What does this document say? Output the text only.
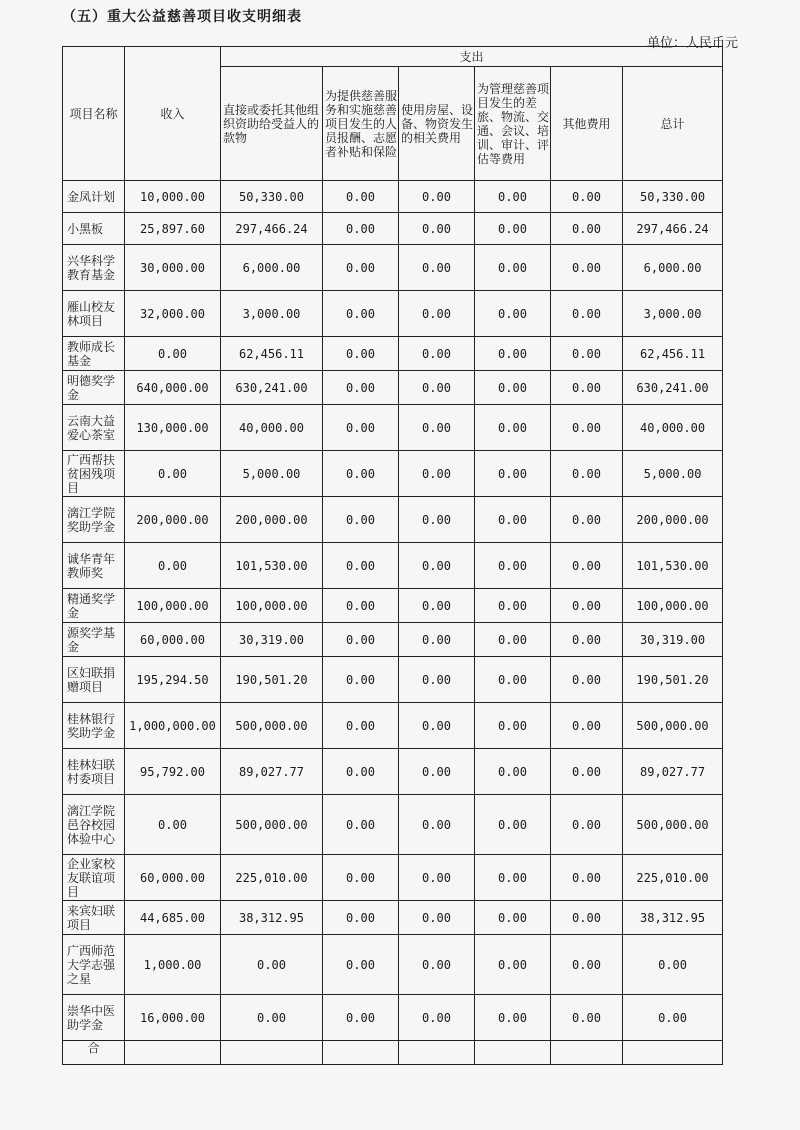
（五）重大公益慈善项目收支明细表
单位：人民币元
项目名称	收入	支出					
		直接或委托其他组织资助给受益人的款物	为提供慈善服务和实施慈善项目发生的人员报酬、志愿者补贴和保险	使用房屋、设备、物资发生的相关费用	为管理慈善项目发生的差旅、物流、交通、会议、培训、审计、评估等费用	其他费用	总计
金凤计划	10,000.00	50,330.00	0.00	0.00	0.00	0.00	50,330.00
小黑板	25,897.60	297,466.24	0.00	0.00	0.00	0.00	297,466.24
兴华科学教育基金	30,000.00	6,000.00	0.00	0.00	0.00	0.00	6,000.00
雁山校友林项目	32,000.00	3,000.00	0.00	0.00	0.00	0.00	3,000.00
教师成长基金	0.00	62,456.11	0.00	0.00	0.00	0.00	62,456.11
明德奖学金	640,000.00	630,241.00	0.00	0.00	0.00	0.00	630,241.00
云南大益爱心茶室	130,000.00	40,000.00	0.00	0.00	0.00	0.00	40,000.00
广西帮扶贫困残项目	0.00	5,000.00	0.00	0.00	0.00	0.00	5,000.00
漓江学院奖助学金	200,000.00	200,000.00	0.00	0.00	0.00	0.00	200,000.00
诚华青年教师奖	0.00	101,530.00	0.00	0.00	0.00	0.00	101,530.00
精通奖学金	100,000.00	100,000.00	0.00	0.00	0.00	0.00	100,000.00
源奖学基金	60,000.00	30,319.00	0.00	0.00	0.00	0.00	30,319.00
区妇联捐赠项目	195,294.50	190,501.20	0.00	0.00	0.00	0.00	190,501.20
桂林银行奖助学金	1,000,000.00	500,000.00	0.00	0.00	0.00	0.00	500,000.00
桂林妇联村委项目	95,792.00	89,027.77	0.00	0.00	0.00	0.00	89,027.77
漓江学院邑谷校园体验中心	0.00	500,000.00	0.00	0.00	0.00	0.00	500,000.00
企业家校友联谊项目	60,000.00	225,010.00	0.00	0.00	0.00	0.00	225,010.00
来宾妇联项目	44,685.00	38,312.95	0.00	0.00	0.00	0.00	38,312.95
广西师范大学志强之星	1,000.00	0.00	0.00	0.00	0.00	0.00	0.00
崇华中医助学金	16,000.00	0.00	0.00	0.00	0.00	0.00	0.00
合							
